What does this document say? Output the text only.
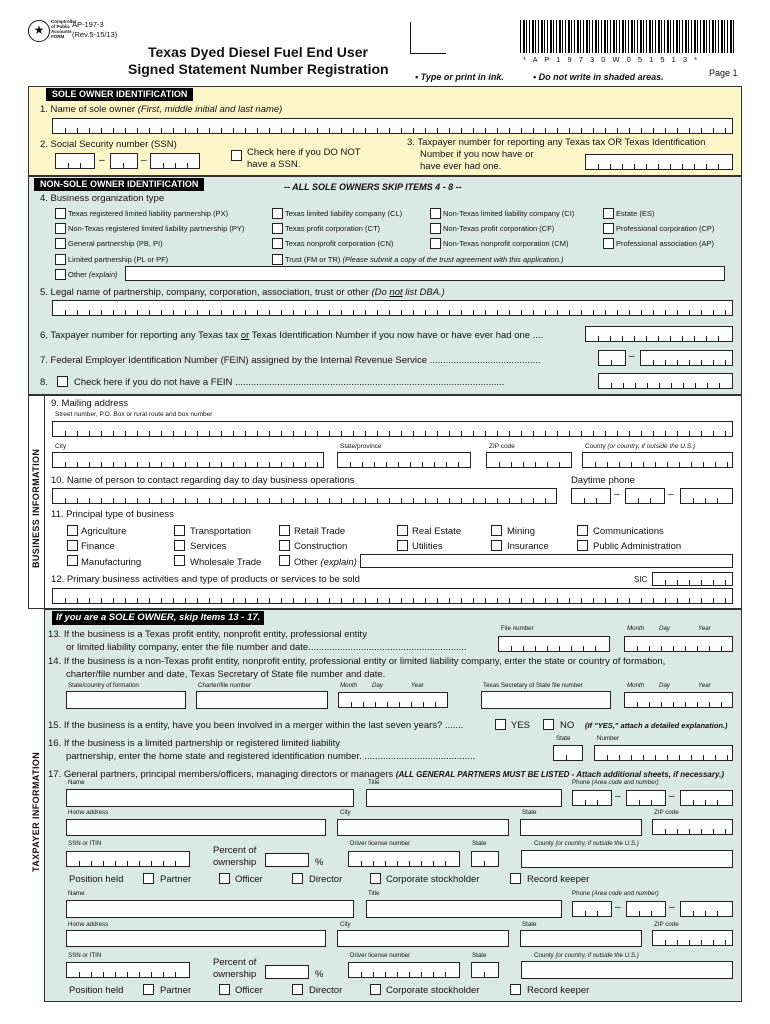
★
Comptroller
of Public
Accounts
FORM
AP-197-3
(Rev.5-15/13)
Texas Dyed Diesel Fuel End User
Signed Statement Number Registration
* A P 1 9 7 3 0 W 0 5 1 5 1 3 *
• Type or print in ink.	• Do not write in shaded areas.	Page 1
SOLE OWNER IDENTIFICATION
1. Name of sole owner (First, middle initial and last name)
2. Social Security number (SSN)
–	–
Check here if you DO NOT
have a SSN.
3. Taxpayer number for reporting any Texas tax OR Texas Identification
Number if you now have or
have ever had one.
NON-SOLE OWNER IDENTIFICATION	-- ALL SOLE OWNERS SKIP ITEMS 4 - 8 --
4. Business organization type
Texas registered limited liability partnership (PX)
Non-Texas registered limited liability partnership (PY)
General partnership (PB, PI)
Limited partnership (PL or PF)
Texas limited liability company (CL)
Texas profit corporation (CT)
Texas nonprofit corporation (CN)
Trust (FM or TR) (Please submit a copy of the trust agreement with this application.)
Non-Texas limited liability company (CI)
Non-Texas profit corporation (CF)
Non-Texas nonprofit corporation (CM)
Estate (ES)
Professional corporation (CP)
Professional association (AP)
Other (explain)
5. Legal name of partnership, company, corporation, association, trust or other (Do not list DBA.)
6. Taxpayer number for reporting any Texas tax or Texas Identification Number if you now have or have ever had one ....
7. Federal Employer Identification Number (FEIN) assigned by the Internal Revenue Service ..........................................	–
8.	Check here if you do not have a FEIN ......................................................................................................
BUSINESS INFORMATION
9. Mailing address
Street number, P.O. Box or rural route and box number
City	State/province	ZIP code	County (or country, if outside the U.S.)
10. Name of person to contact regarding day to day business operations	Daytime phone
–	–
11. Principal type of business
Agriculture
Finance
Manufacturing
Transportation
Services
Wholesale Trade
Retail Trade
Construction
Other (explain)
Real Estate
Utilities
Mining
Insurance
Communications
Public Administration
12. Primary business activities and type of products or services to be sold	SIC
TAXPAYER INFORMATION
If you are a SOLE OWNER, skip Items 13 - 17.
13. If the business is a Texas profit entity, nonprofit entity, professional entity
or limited liability company, enter the file number and date............................................................
File number	Month Day	Year
14. If the business is a non-Texas profit entity, nonprofit entity, professional entity or limited liability company, enter the state or country of formation,
charter/file number and date, Texas Secretary of State file number and date.
State/country of formation	Charter/file number	Month Day	Year	Texas Secretary of State file number	Month Day	Year
15. If the business is a entity, have you been involved in a merger within the last seven years? .......	YES	NO (If "YES," attach a detailed explanation.)
16. If the business is a limited partnership or registered limited liability
partnership, enter the home state and registered identification number. ..........................................
State	Number
17. General partners, principal members/officers, managing directors or managers (ALL GENERAL PARTNERS MUST BE LISTED - Attach additional sheets, if necessary.)
Name	Title	Phone (Area code and number)
–	–
Home address	City	State	ZIP code
SSN or ITIN	Driver license number	State	County (or country, if outside the U.S.)
Percent of
ownership	%
Position held	Partner	Officer	Director	Corporate stockholder	Record keeper
Name	Title	Phone (Area code and number)
–	–
Home address	City	State	ZIP code
SSN or ITIN	Driver license number	State	County (or country, if outside the U.S.)
Percent of
ownership	%
Position held	Partner	Officer	Director	Corporate stockholder	Record keeper
